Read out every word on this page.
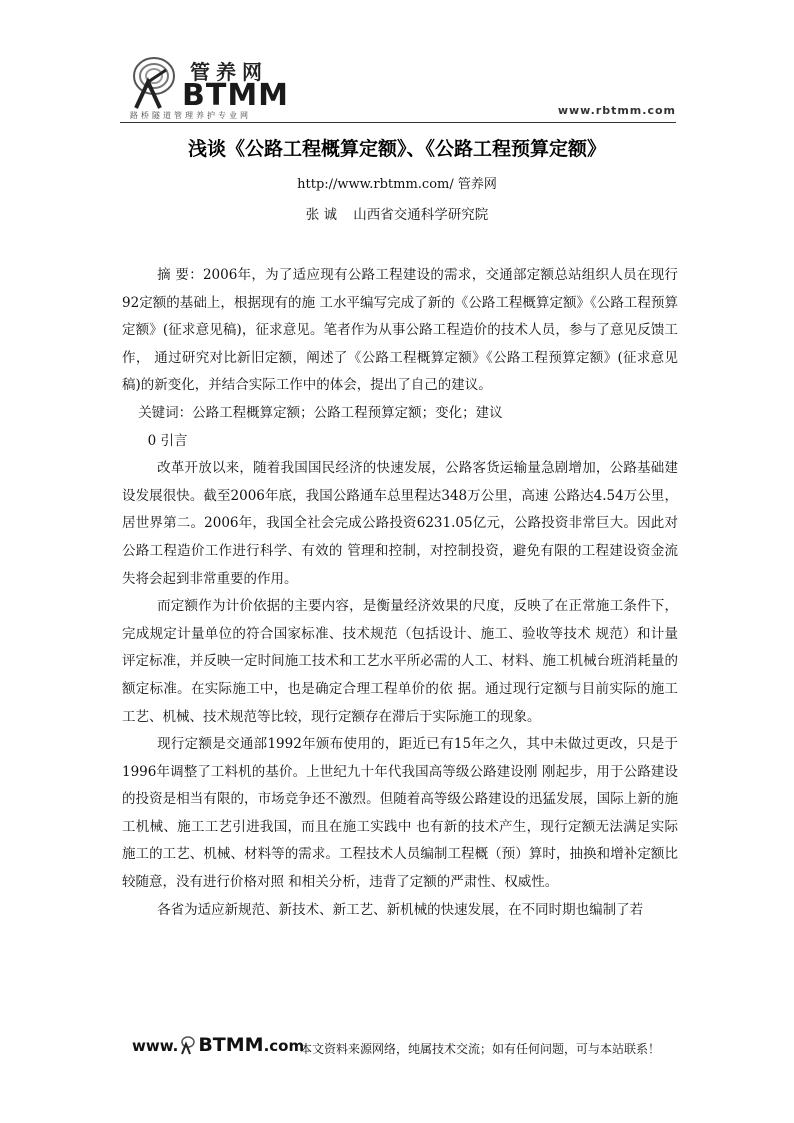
管养网
BTMM
路桥隧道管理养护专业网	www.rbtmm.com
浅谈《公路工程概算定额》、《公路工程预算定额》
http://www.rbtmm.com/ 管养网
张 诚 山西省交通科学研究院

摘 要：2006年，为了适应现有公路工程建设的需求，交通部定额总站组织人员在现行92定额的基础上，根据现有的施 工水平编写完成了新的《公路工程概算定额》《公路工程预算定额》(征求意见稿)，征求意见。笔者作为从事公路工程造价的技术人员，参与了意见反馈工作， 通过研究对比新旧定额，阐述了《公路工程概算定额》《公路工程预算定额》(征求意见稿)的新变化，并结合实际工作中的体会，提出了自己的建议。

关键词：公路工程概算定额；公路工程预算定额；变化；建议

0 引言

改革开放以来，随着我国国民经济的快速发展，公路客货运输量急剧增加，公路基础建设发展很快。截至2006年底，我国公路通车总里程达348万公里，高速 公路达4.54万公里，居世界第二。2006年，我国全社会完成公路投资6231.05亿元，公路投资非常巨大。因此对公路工程造价工作进行科学、有效的 管理和控制，对控制投资，避免有限的工程建设资金流失将会起到非常重要的作用。

而定额作为计价依据的主要内容，是衡量经济效果的尺度，反映了在正常施工条件下，完成规定计量单位的符合国家标准、技术规范（包括设计、施工、验收等技术 规范）和计量评定标准，并反映一定时间施工技术和工艺水平所必需的人工、材料、施工机械台班消耗量的额定标准。在实际施工中，也是确定合理工程单价的依 据。通过现行定额与目前实际的施工工艺、机械、技术规范等比较，现行定额存在滞后于实际施工的现象。

现行定额是交通部1992年颁布使用的，距近已有15年之久，其中未做过更改，只是于1996年调整了工料机的基价。上世纪九十年代我国高等级公路建设刚 刚起步，用于公路建设的投资是相当有限的，市场竞争还不激烈。但随着高等级公路建设的迅猛发展，国际上新的施工机械、施工工艺引进我国，而且在施工实践中 也有新的技术产生，现行定额无法满足实际施工的工艺、机械、材料等的需求。工程技术人员编制工程概（预）算时，抽换和增补定额比较随意，没有进行价格对照 和相关分析，违背了定额的严肃性、权威性。

各省为适应新规范、新技术、新工艺、新机械的快速发展，在不同时期也编制了若

www. BTMM.com
本文资料来源网络，纯属技术交流；如有任何问题，可与本站联系！
